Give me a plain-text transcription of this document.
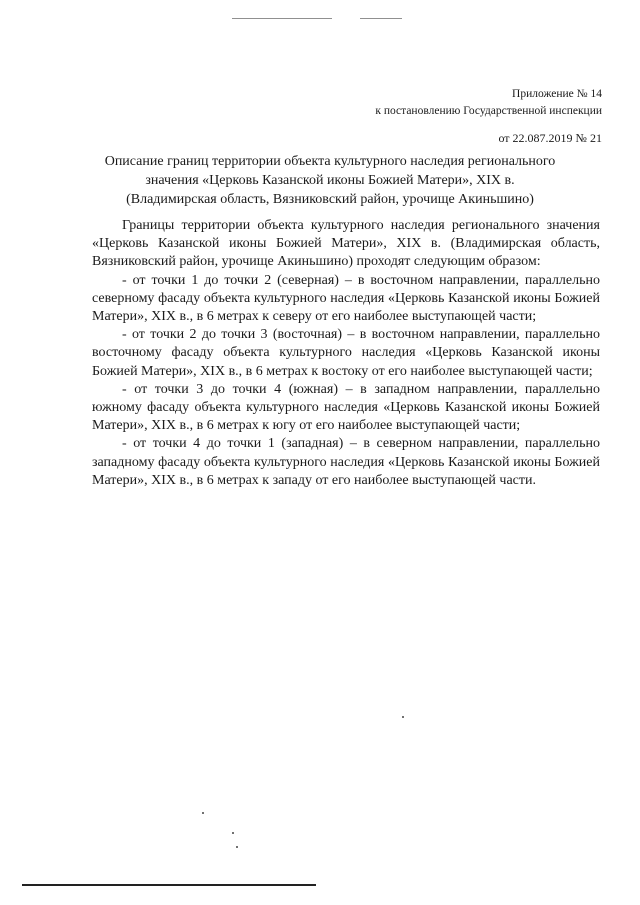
Приложение № 14
к постановлению Государственной инспекции
от 22.087.2019 № 21
Описание границ территории объекта культурного наследия регионального
значения «Церковь Казанской иконы Божией Матери», XIX в.
(Владимирская область, Вязниковский район, урочище Акиньшино)

Границы территории объекта культурного наследия регионального значения «Церковь Казанской иконы Божией Матери», XIX в. (Владимирская область, Вязниковский район, урочище Акиньшино) проходят следующим образом:

- от точки 1 до точки 2 (северная) – в восточном направлении, параллельно северному фасаду объекта культурного наследия «Церковь Казанской иконы Божией Матери», XIX в., в 6 метрах к северу от его наиболее выступающей части;

- от точки 2 до точки 3 (восточная) – в восточном направлении, параллельно восточному фасаду объекта культурного наследия «Церковь Казанской иконы Божией Матери», XIX в., в 6 метрах к востоку от его наиболее выступающей части;

- от точки 3 до точки 4 (южная) – в западном направлении, параллельно южному фасаду объекта культурного наследия «Церковь Казанской иконы Божией Матери», XIX в., в 6 метрах к югу от его наиболее выступающей части;

- от точки 4 до точки 1 (западная) – в северном направлении, параллельно западному фасаду объекта культурного наследия «Церковь Казанской иконы Божией Матери», XIX в., в 6 метрах к западу от его наиболее выступающей части.
